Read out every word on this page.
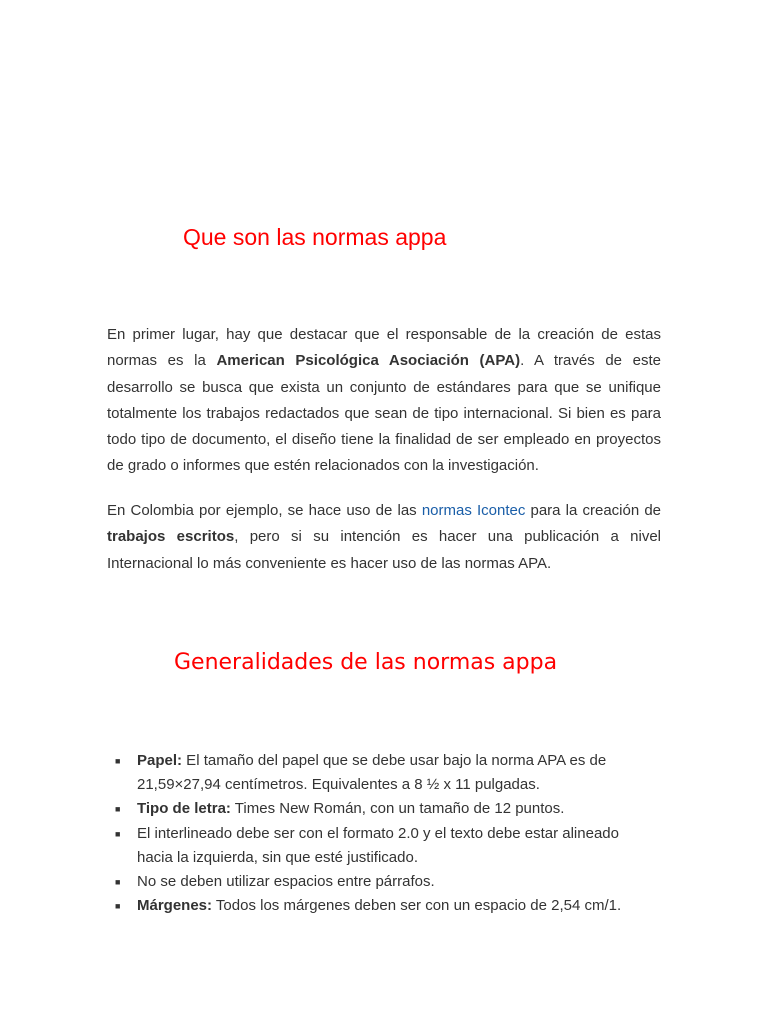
Que son las normas appa

En primer lugar, hay que destacar que el responsable de la creación de estas normas es la American Psicológica Asociación (APA). A través de este desarrollo se busca que exista un conjunto de estándares para que se unifique totalmente los trabajos redactados que sean de tipo internacional. Si bien es para todo tipo de documento, el diseño tiene la finalidad de ser empleado en proyectos de grado o informes que estén relacionados con la investigación.

En Colombia por ejemplo, se hace uso de las normas Icontec para la creación de trabajos escritos, pero si su intención es hacer una publicación a nivel Internacional lo más conveniente es hacer uso de las normas APA.

Generalidades de las normas appa
■ Papel: El tamaño del papel que se debe usar bajo la norma APA es de 21,59×27,94 centímetros. Equivalentes a 8 ½ x 11 pulgadas.
■ Tipo de letra: Times New Román, con un tamaño de 12 puntos.
■ El interlineado debe ser con el formato 2.0 y el texto debe estar alineado hacia la izquierda, sin que esté justificado.
■ No se deben utilizar espacios entre párrafos.
■ Márgenes: Todos los márgenes deben ser con un espacio de 2,54 cm/1.
